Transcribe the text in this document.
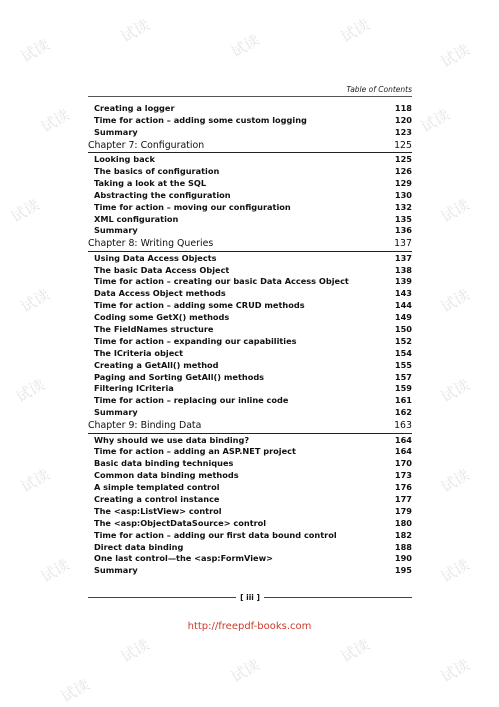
试读
试读	试读	试读
试读
试读	试读
试读	试读
试读	试读
试读	试读
试读	试读
试读	试读
试读
试读
试读
试读
试读
Table of Contents
Creating a logger	118
Time for action – adding some custom logging	120
Summary	123
Chapter 7: Configuration	125
Looking back	125
The basics of configuration	126
Taking a look at the SQL	129
Abstracting the configuration	130
Time for action – moving our configuration	132
XML configuration	135
Summary	136
Chapter 8: Writing Queries	137
Using Data Access Objects	137
The basic Data Access Object	138
Time for action – creating our basic Data Access Object	139
Data Access Object methods	143
Time for action – adding some CRUD methods	144
Coding some GetX() methods	149
The FieldNames structure	150
Time for action – expanding our capabilities	152
The ICriteria object	154
Creating a GetAll() method	155
Paging and Sorting GetAll() methods	157
Filtering ICriteria	159
Time for action – replacing our inline code	161
Summary	162
Chapter 9: Binding Data	163
Why should we use data binding?	164
Time for action – adding an ASP.NET project	164
Basic data binding techniques	170
Common data binding methods	173
A simple templated control	176
Creating a control instance	177
The <asp:ListView> control	179
The <asp:ObjectDataSource> control	180
Time for action – adding our first data bound control	182
Direct data binding	188
One last control—the <asp:FormView>	190
Summary	195
[ iii ]
http://freepdf-books.com
